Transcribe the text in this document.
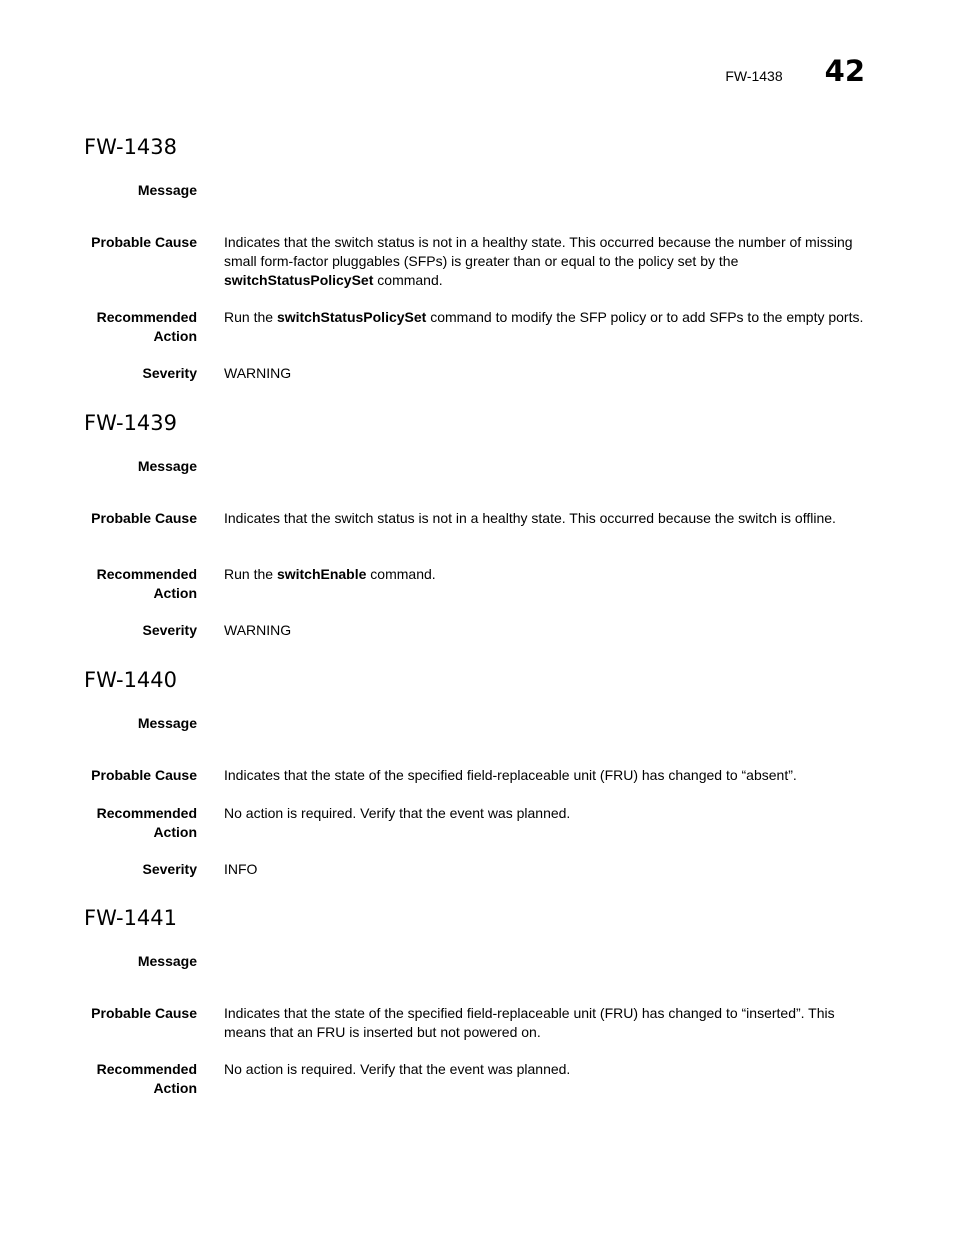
FW-1438 42
FW-1438
Message
Probable Cause Indicates that the switch status is not in a healthy state. This occurred because the number of missing small form-factor pluggables (SFPs) is greater than or equal to the policy set by the
switchStatusPolicySet command.
Recommended
Action
Run the switchStatusPolicySet command to modify the SFP policy or to add SFPs to the empty ports.
Severity WARNING
FW-1439
Message
Probable Cause Indicates that the switch status is not in a healthy state. This occurred because the switch is offline.
Recommended
Action
Run the switchEnable command.
Severity WARNING
FW-1440
Message
Probable Cause Indicates that the state of the specified field-replaceable unit (FRU) has changed to “absent”.
Recommended
Action
No action is required. Verify that the event was planned.
Severity INFO
FW-1441
Message
Probable Cause Indicates that the state of the specified field-replaceable unit (FRU) has changed to “inserted”. This means that an FRU is inserted but not powered on.
Recommended
Action
No action is required. Verify that the event was planned.
